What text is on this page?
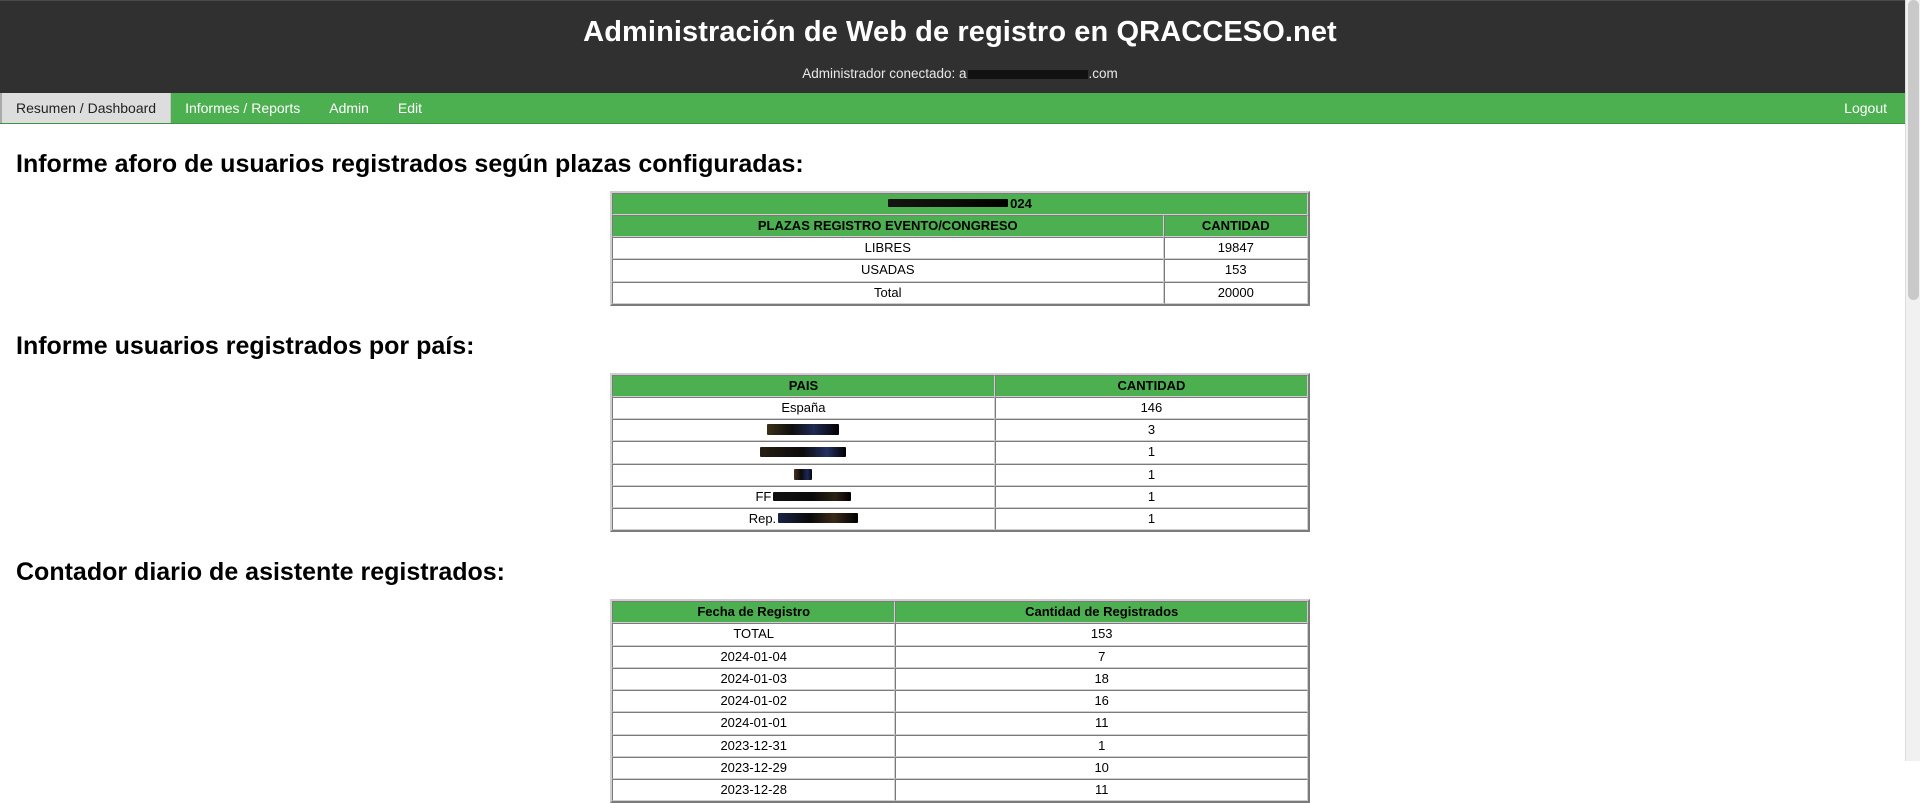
Administración de Web de registro en QRACCESO.net
Administrador conectado: a	.com
Resumen / Dashboard	Informes / Reports	Admin	Edit	Logout
Informe aforo de usuarios registrados según plazas configuradas:
024	

PLAZAS REGISTRO EVENTO/CONGRESO	CANTIDAD
LIBRES	19847
USADAS	153
Total	20000
Informe usuarios registrados por país:
PAIS	CANTIDAD
España	146
	3
	1
	1

FF	1

Rep.	1
Contador diario de asistente registrados:
Fecha de Registro	Cantidad de Registrados
TOTAL	153
2024-01-04	7
2024-01-03	18
2024-01-02	16
2024-01-01	11
2023-12-31	1
2023-12-29	10
2023-12-28	11
